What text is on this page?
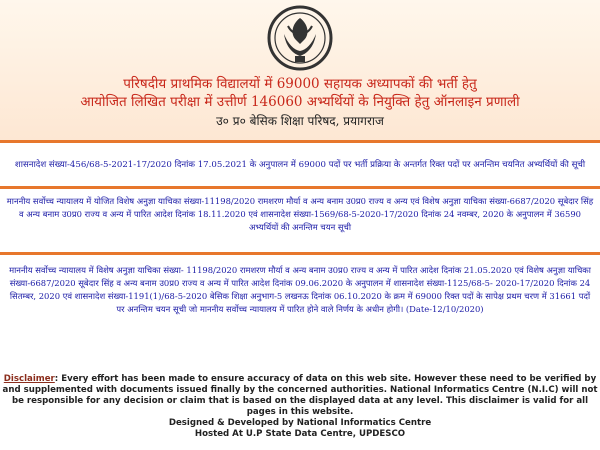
परिषदीय प्राथमिक विद्यालयों में 69000 सहायक अध्यापकों की भर्ती हेतु
आयोजित लिखित परीक्षा में उत्तीर्ण 146060 अभ्यर्थियों के नियुक्ति हेतु ऑनलाइन प्रणाली
उ० प्र० बेसिक शिक्षा परिषद, प्रयागराज
शासनादेश संख्या-456/68-5-2021-17/2020 दिनांक 17.05.2021 के अनुपालन में 69000 पदों पर भर्ती प्रक्रिया के अन्तर्गत रिक्त पदों पर अनन्तिम चयनित अभ्यर्थियों की सूची
माननीय सर्वोच्च न्यायालय में योजित विशेष अनुज्ञा याचिका संख्या-11198/2020 रामशरण मौर्या व अन्य बनाम उ0प्र0 राज्य व अन्य एवं विशेष अनुज्ञा याचिका संख्या-6687/2020 सूबेदार सिंह व अन्य बनाम उ0प्र0 राज्य व अन्य में पारित आदेश दिनांक 18.11.2020 एवं शासनादेश संख्या-1569/68-5-2020-17/2020 दिनांक 24 नवम्बर, 2020 के अनुपालन में 36590 अभ्यर्थियों की अनन्तिम चयन सूची
माननीय सर्वोच्च न्यायालय में विशेष अनुज्ञा याचिका संख्या- 11198/2020 रामशरण मौर्या व अन्य बनाम उ0प्र0 राज्य व अन्य में पारित आदेश दिनांक 21.05.2020 एवं विशेष अनुज्ञा याचिका संख्या-6687/2020 सूबेदार सिंह व अन्य बनाम उ0प्र0 राज्य व अन्य में पारित आदेश दिनांक 09.06.2020 के अनुपालन में शासनादेश संख्या-1125/68-5- 2020-17/2020 दिनांक 24 सितम्बर, 2020 एवं शासनादेश संख्या-1191(1)/68-5-2020 बेसिक शिक्षा अनुभाग-5 लखनऊ दिनांक 06.10.2020 के क्रम में 69000 रिक्त पदों के सापेक्ष प्रथम चरण में 31661 पदों पर अनन्तिम चयन सूची जो माननीय सर्वोच्च न्यायालय में पारित होने वाले निर्णय के अधीन होगी। (Date-12/10/2020)
Disclaimer: Every effort has been made to ensure accuracy of data on this web site. However these need to be verified by and supplemented with documents issued finally by the concerned authorities. National Informatics Centre (N.I.C) will not be responsible for any decision or claim that is based on the displayed data at any level. This disclaimer is valid for all pages in this website.
Designed & Developed by National Informatics Centre
Hosted At U.P State Data Centre, UPDESCO
